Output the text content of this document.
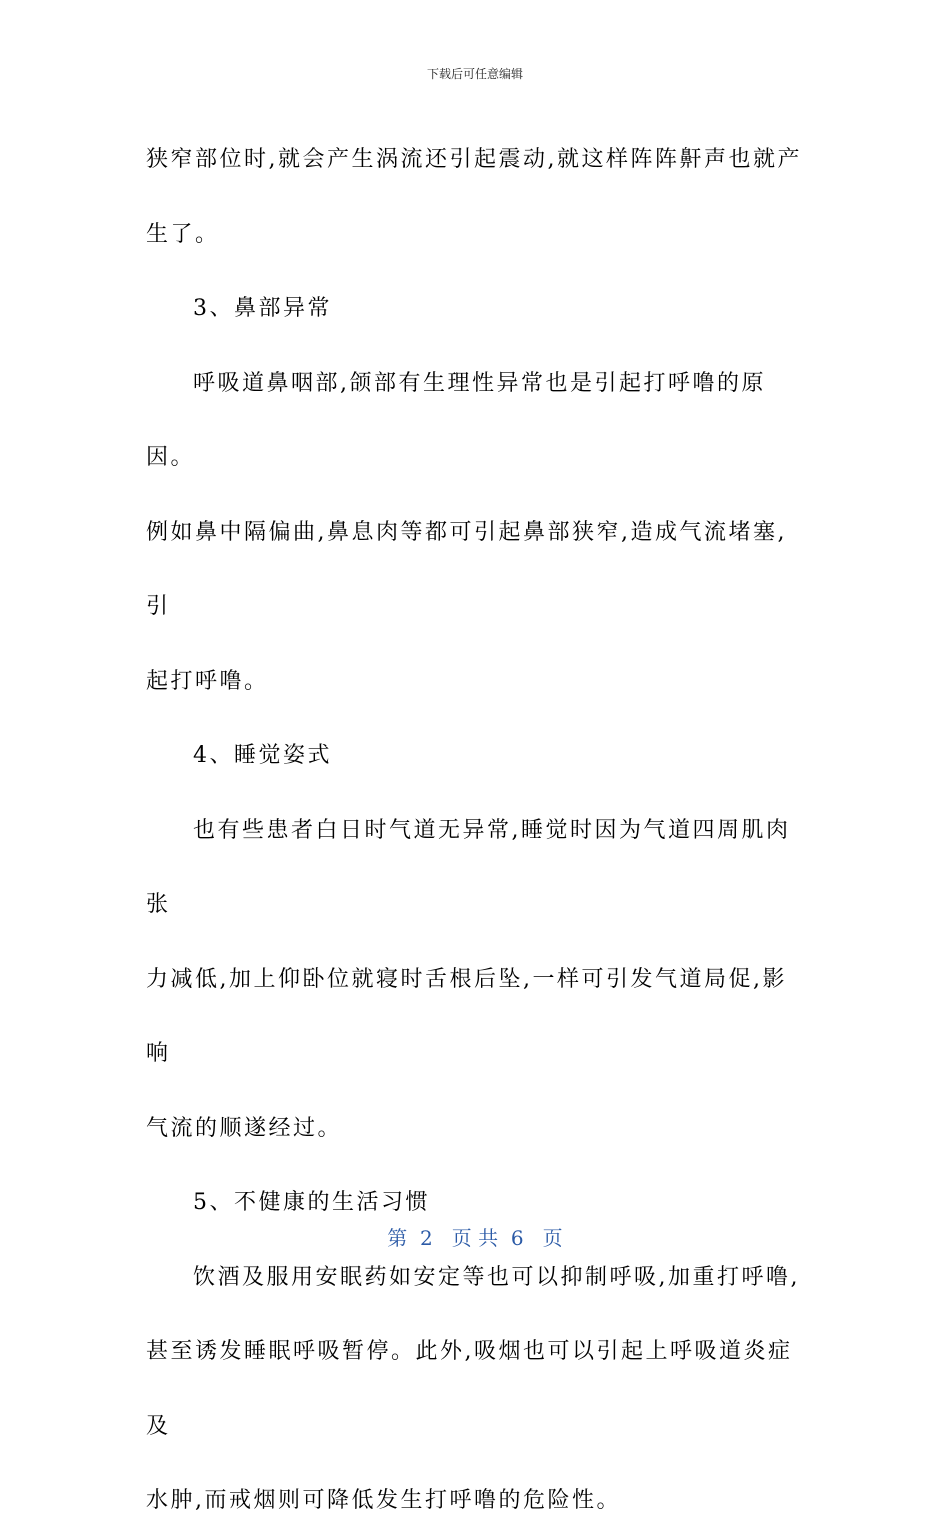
下载后可任意编辑

狭窄部位时,就会产生涡流还引起震动,就这样阵阵鼾声也就产

生了。

3、鼻部异常

呼吸道鼻咽部,颌部有生理性异常也是引起打呼噜的原因。

例如鼻中隔偏曲,鼻息肉等都可引起鼻部狭窄,造成气流堵塞,引

起打呼噜。

4、睡觉姿式

也有些患者白日时气道无异常,睡觉时因为气道四周肌肉张

力减低,加上仰卧位就寝时舌根后坠,一样可引发气道局促,影响

气流的顺遂经过。

5、不健康的生活习惯

饮酒及服用安眠药如安定等也可以抑制呼吸,加重打呼噜,

甚至诱发睡眠呼吸暂停。此外,吸烟也可以引起上呼吸道炎症及

水肿,而戒烟则可降低发生打呼噜的危险性。

第  2   页 共  6   页
